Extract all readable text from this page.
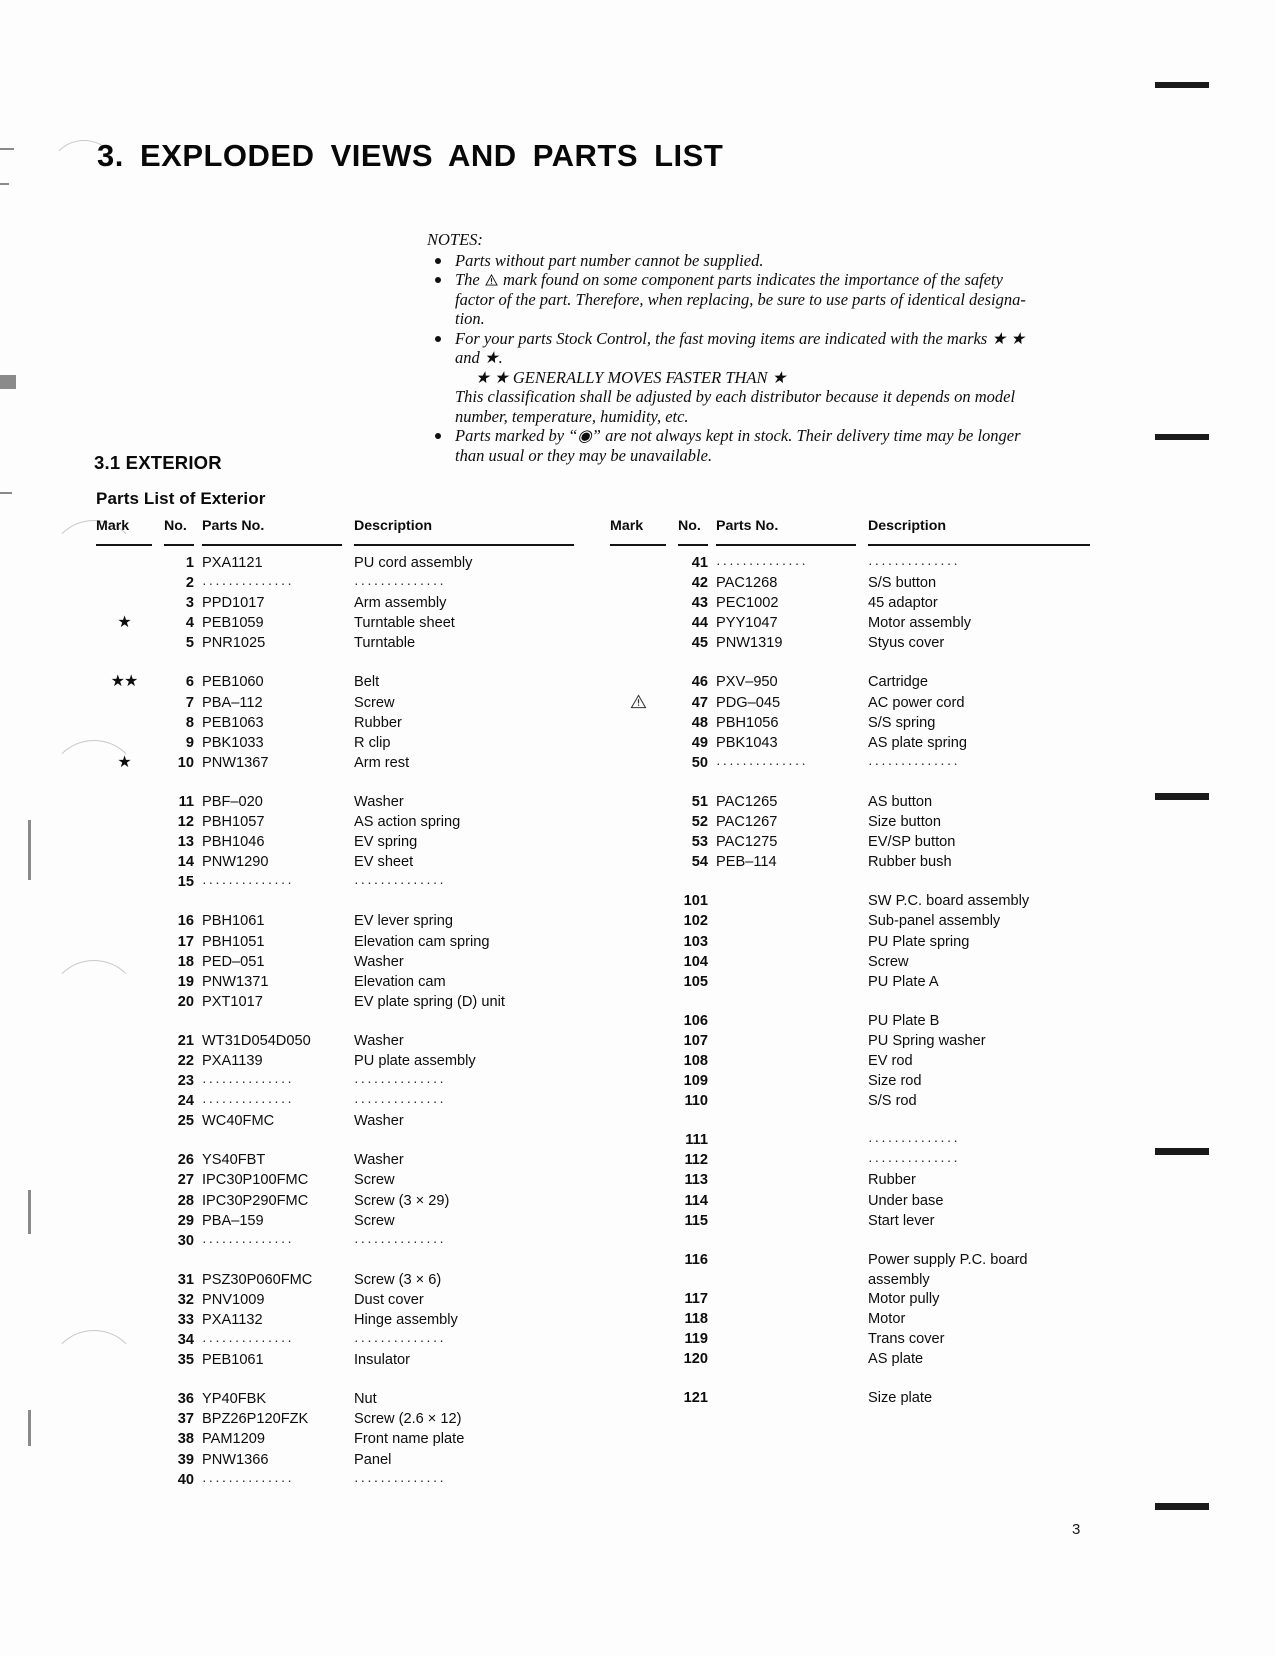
3. EXPLODED VIEWS AND PARTS LIST
NOTES:
Parts without part number cannot be supplied.
The
mark found on some component parts indicates the importance of the safety
factor of the part. Therefore, when replacing, be sure to use parts of identical designa-
tion.
For your parts Stock Control, the fast moving items are indicated with the marks ★ ★
and ★.
★ ★ GENERALLY MOVES FASTER THAN ★
This classification shall be adjusted by each distributor because it depends on model
number, temperature, humidity, etc.
Parts marked by “◉” are not always kept in stock. Their delivery time may be longer
than usual or they may be unavailable.
3.1 EXTERIOR
Parts List of Exterior
Mark No. Parts No.	Description
1 PXA1121	PU cord assembly
2 ··············	··············
3 PPD1017	Arm assembly
★	4 PEB1059	Turntable sheet
5 PNR1025	Turntable
★★	6 PEB1060	Belt
7 PBA–112	Screw
8 PEB1063	Rubber
9 PBK1033	R clip
★	10 PNW1367	Arm rest
11 PBF–020	Washer
12 PBH1057	AS action spring
13 PBH1046	EV spring
14 PNW1290	EV sheet
15 ··············	··············
16 PBH1061	EV lever spring
17 PBH1051	Elevation cam spring
18 PED–051	Washer
19 PNW1371	Elevation cam
20 PXT1017	EV plate spring (D) unit
21 WT31D054D050	Washer
22 PXA1139	PU plate assembly
23 ··············	··············
24 ··············	··············
25 WC40FMC	Washer
26 YS40FBT	Washer
27 IPC30P100FMC	Screw
28 IPC30P290FMC	Screw (3 × 29)
29 PBA–159	Screw
30 ··············	··············
31 PSZ30P060FMC	Screw (3 × 6)
32 PNV1009	Dust cover
33 PXA1132	Hinge assembly
34 ··············	··············
35 PEB1061	Insulator
36 YP40FBK	Nut
37 BPZ26P120FZK	Screw (2.6 × 12)
38 PAM1209	Front name plate
39 PNW1366	Panel
40 ··············	··············
Mark No. Parts No.	Description
41 ··············	··············
42 PAC1268	S/S button
43 PEC1002	45 adaptor
44 PYY1047	Motor assembly
45 PNW1319	Styus cover
46 PXV–950	Cartridge
47 PDG–045	AC power cord
48 PBH1056	S/S spring
49 PBK1043	AS plate spring
50 ··············	··············
51 PAC1265	AS button
52 PAC1267	Size button
53 PAC1275	EV/SP button
54 PEB–114	Rubber bush
101	SW P.C. board assembly
102	Sub-panel assembly
103	PU Plate spring
104	Screw
105	PU Plate A
106	PU Plate B
107	PU Spring washer
108	EV rod
109	Size rod
110	S/S rod
111	··············
112	··············
113	Rubber
114	Under base
115	Start lever
116	Power supply P.C. board
assembly
117	Motor pully
118	Motor
119	Trans cover
120	AS plate
121	Size plate
3
